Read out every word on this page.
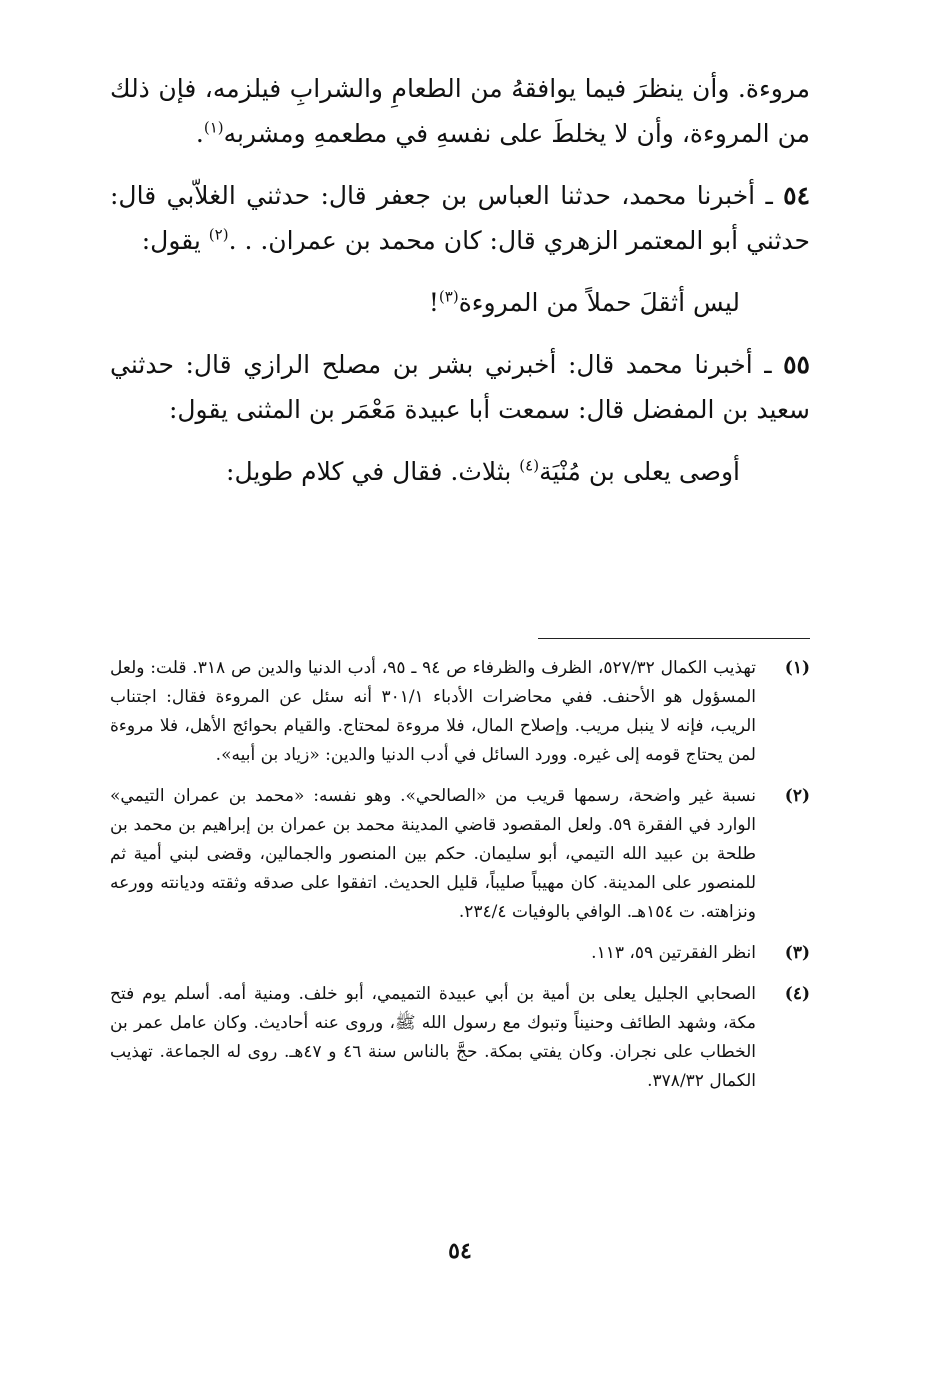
مروءة. وأن ينظرَ فيما يوافقهُ من الطعامِ والشرابِ فيلزمه، فإن ذلك من المروءة، وأن لا يخلطَ على نفسهِ في مطعمهِ ومشربه$^{(١)}$.

٥٤ ـ أخبرنا محمد، حدثنا العباس بن جعفر قال: حدثني الغلاّبي قال: حدثني أبو المعتمر الزهري قال: كان محمد بن عمران. . .$^{(٢)}$ يقول:

ليس أثقلَ حملاً من المروءة$^{(٣)}$!

٥٥ ـ أخبرنا محمد قال: أخبرني بشر بن مصلح الرازي قال: حدثني سعيد بن المفضل قال: سمعت أبا عبيدة مَعْمَر بن المثنى يقول:

أوصى يعلى بن مُنْيَة$^{(٤)}$ بثلاث. فقال في كلام طويل:

(١)
تهذيب الكمال ٥٢٧/٣٢، الظرف والظرفاء ص ٩٤ ـ ٩٥، أدب الدنيا والدين ص ٣١٨. قلت: ولعل المسؤول هو الأحنف. ففي محاضرات الأدباء ٣٠١/١ أنه سئل عن المروءة فقال: اجتناب الريب، فإنه لا ينبل مريب. وإصلاح المال، فلا مروءة لمحتاج. والقيام بحوائج الأهل، فلا مروءة لمن يحتاج قومه إلى غيره. وورد السائل في أدب الدنيا والدين: «زياد بن أبيه».
(٢)
نسبة غير واضحة، رسمها قريب من «الصالحي». وهو نفسه: «محمد بن عمران التيمي» الوارد في الفقرة ٥٩. ولعل المقصود قاضي المدينة محمد بن عمران بن إبراهيم بن محمد بن طلحة بن عبيد الله التيمي، أبو سليمان. حكم بين المنصور والجمالين، وقضى لبني أمية ثم للمنصور على المدينة. كان مهيباً صليباً، قليل الحديث. اتفقوا على صدقه وثقته وديانته وورعه ونزاهته. ت ١٥٤هـ. الوافي بالوفيات ٢٣٤/٤.
(٣)
انظر الفقرتين ٥٩، ١١٣.
(٤)
الصحابي الجليل يعلى بن أمية بن أبي عبيدة التميمي، أبو خلف. ومنية أمه. أسلم يوم فتح مكة، وشهد الطائف وحنيناً وتبوك مع رسول الله ﷺ، وروى عنه أحاديث. وكان عامل عمر بن الخطاب على نجران. وكان يفتي بمكة. حجَّ بالناس سنة ٤٦ و ٤٧هـ. روى له الجماعة. تهذيب الكمال ٣٧٨/٣٢.
٥٤
